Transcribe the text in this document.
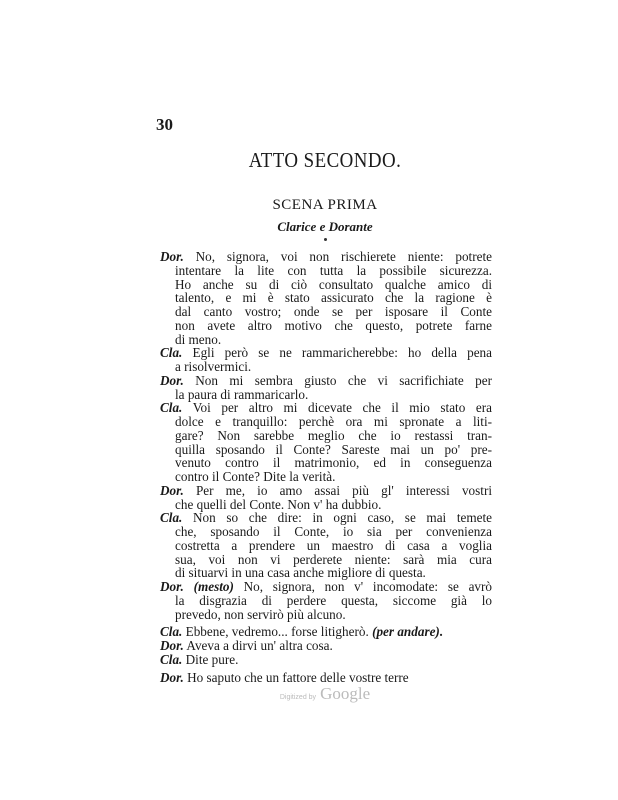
30
ATTO SECONDO.
SCENA PRIMA
Clarice e Dorante
Dor. No, signora, voi non rischierete niente: potrete
intentare la lite con tutta la possibile sicurezza.
Ho anche su di ciò consultato qualche amico di
talento, e mi è stato assicurato che la ragione è
dal canto vostro; onde se per isposare il Conte
non avete altro motivo che questo, potrete farne
di meno.
Cla. Egli però se ne rammaricherebbe: ho della pena
a risolvermici.
Dor. Non mi sembra giusto che vi sacrifichiate per
la paura di rammaricarlo.
Cla. Voi per altro mi dicevate che il mio stato era
dolce e tranquillo: perchè ora mi spronate a liti-
gare? Non sarebbe meglio che io restassi tran-
quilla sposando il Conte? Sareste mai un po' pre-
venuto contro il matrimonio, ed in conseguenza
contro il Conte? Dite la verità.
Dor. Per me, io amo assai più gl' interessi vostri
che quelli del Conte. Non v' ha dubbio.
Cla. Non so che dire: in ogni caso, se mai temete
che, sposando il Conte, io sia per convenienza
costretta a prendere un maestro di casa a voglia
sua, voi non vi perderete niente: sarà mia cura
di situarvi in una casa anche migliore di questa.
Dor. (mesto) No, signora, non v' incomodate: se avrò
la disgrazia di perdere questa, siccome già lo
prevedo, non servirò più alcuno.
Cla. Ebbene, vedremo... forse litigherò. (per andare).
Dor. Aveva a dirvi un' altra cosa.
Cla. Dite pure.
Dor. Ho saputo che un fattore delle vostre terre
Digitized by Google
